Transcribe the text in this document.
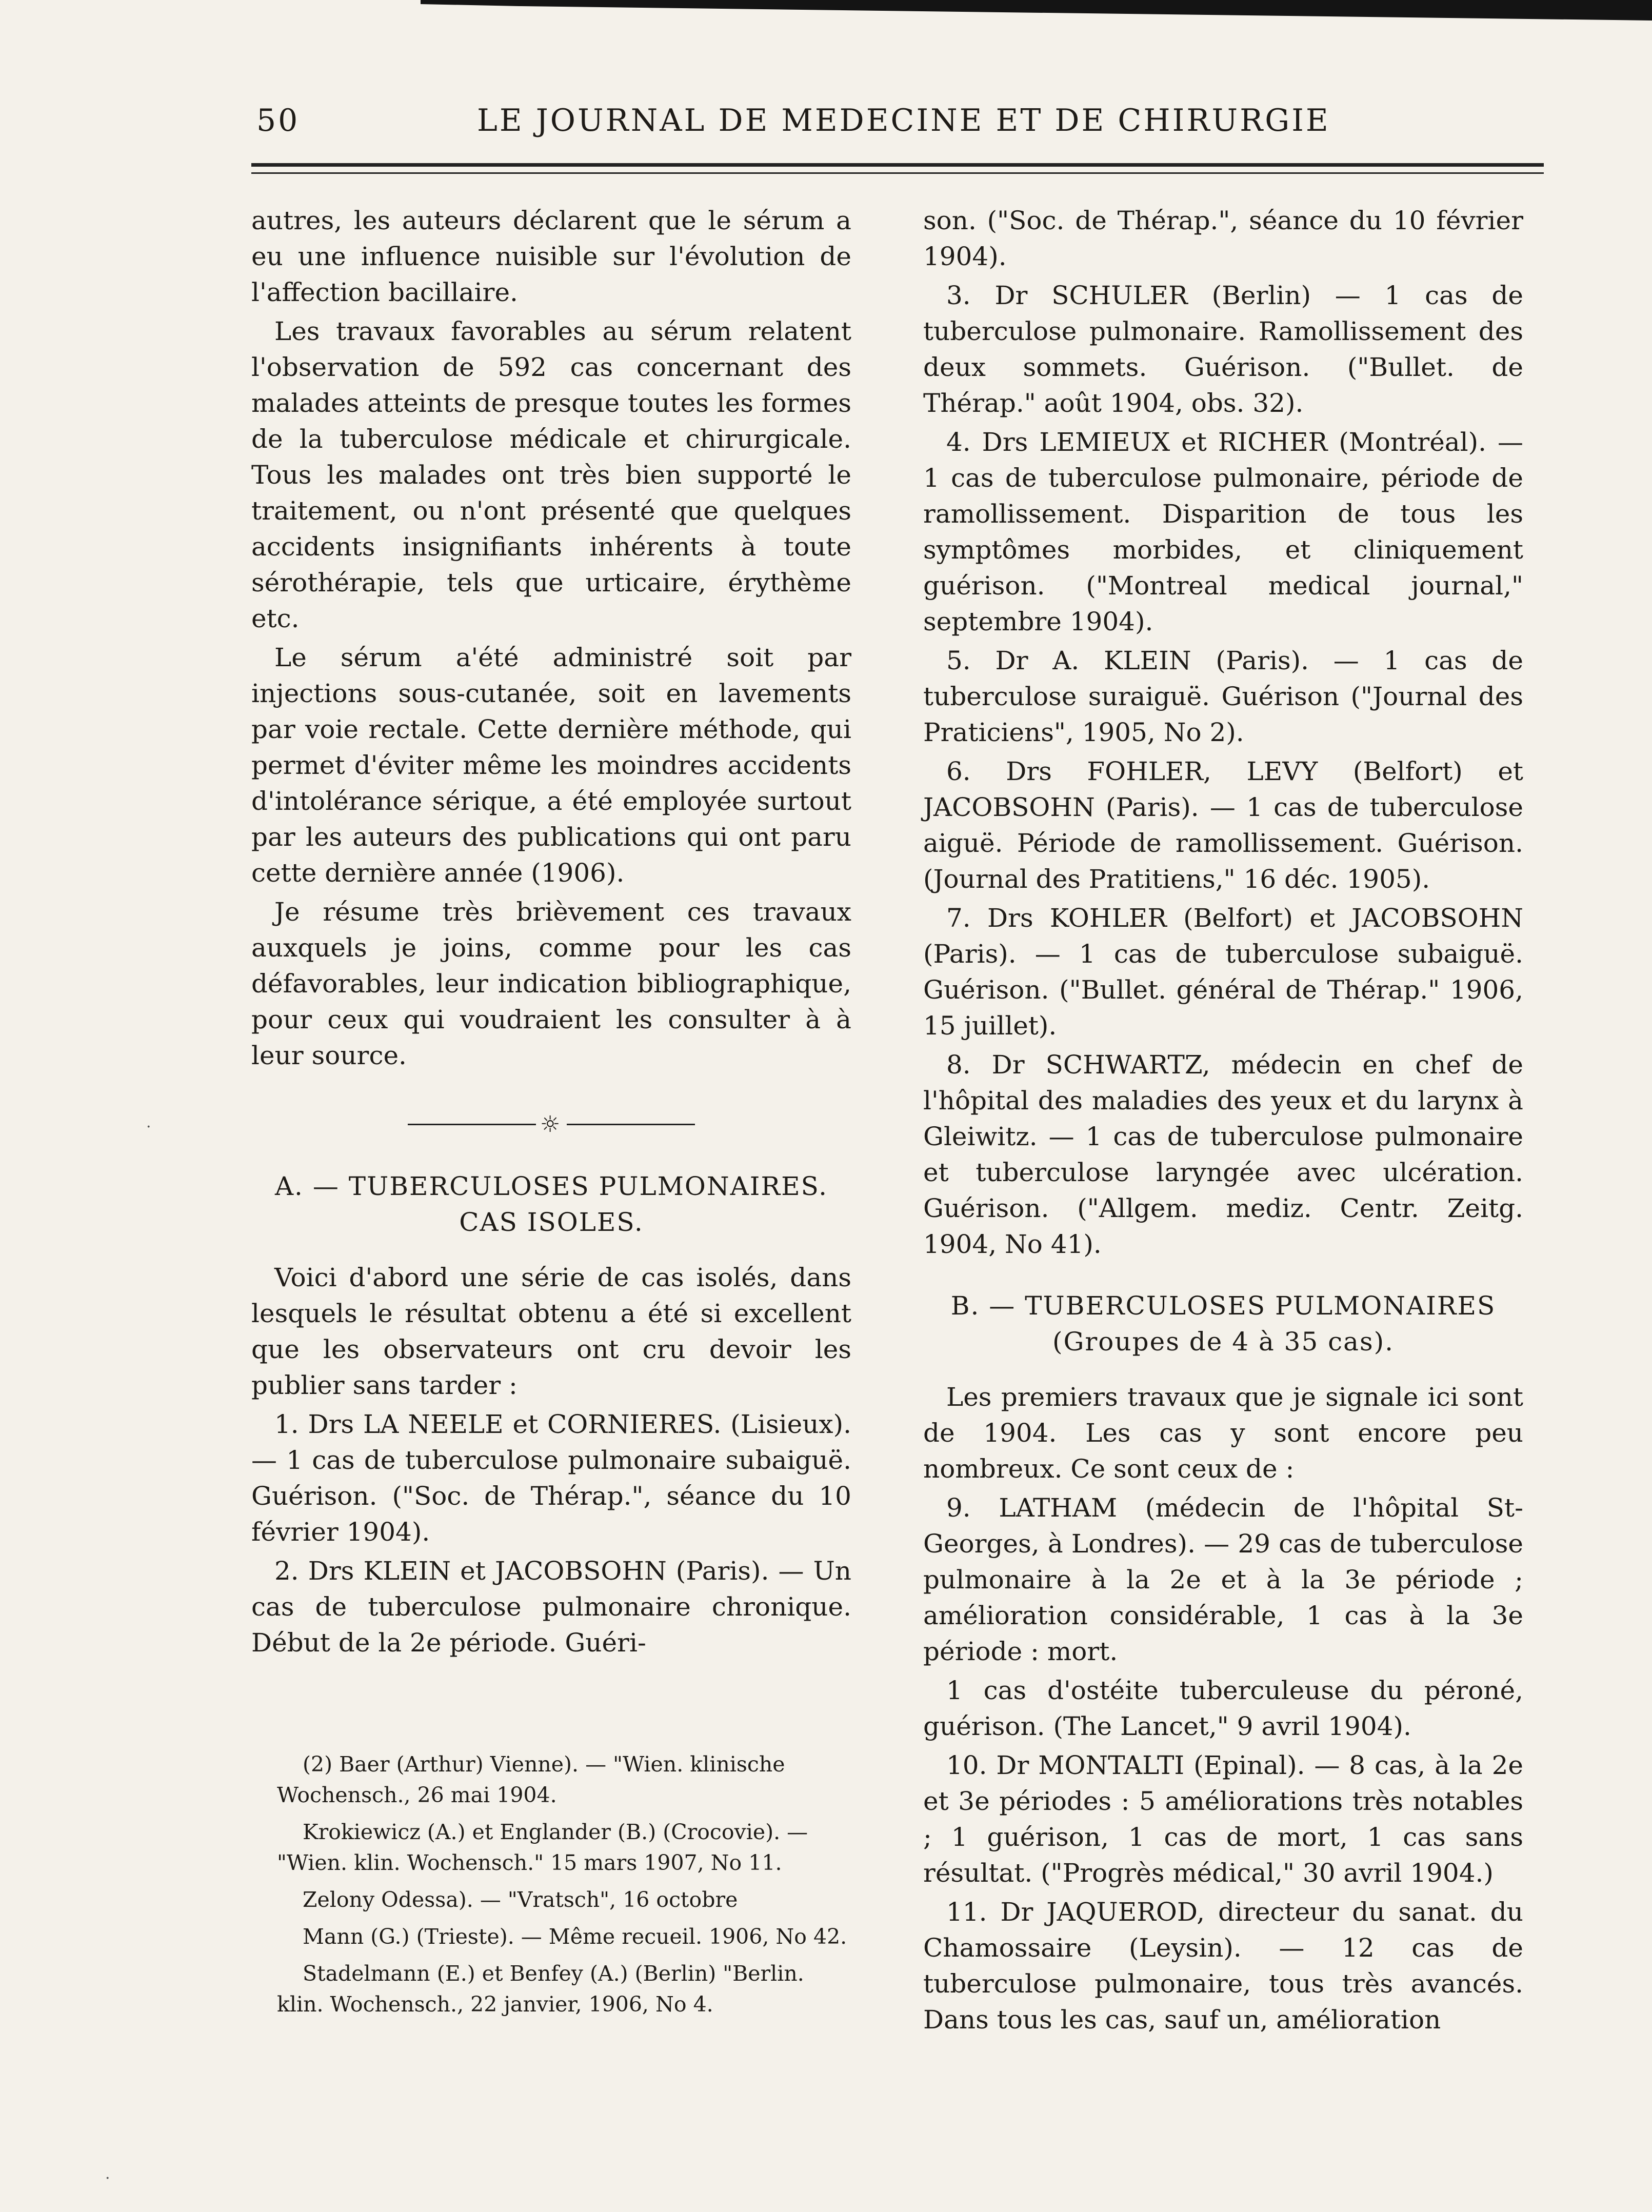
50	LE JOURNAL DE MEDECINE ET DE CHIRURGIE

autres, les auteurs déclarent que le sérum a eu une influence nuisible sur l'évolution de l'affection bacillaire.

Les travaux favorables au sérum relatent l'observation de 592 cas concernant des malades atteints de presque toutes les formes de la tuberculose médicale et chirurgicale. Tous les malades ont très bien supporté le traitement, ou n'ont présenté que quelques accidents insignifiants inhérents à toute sérothérapie, tels que urticaire, érythème etc.

Le sérum a'été administré soit par injections sous-cutanée, soit en lavements par voie rectale. Cette dernière méthode, qui permet d'éviter même les moindres accidents d'intolérance sérique, a été employée surtout par les auteurs des publications qui ont paru cette dernière année (1906).

Je résume très brièvement ces travaux auxquels je joins, comme pour les cas défavorables, leur indication bibliographique, pour ceux qui voudraient les consulter à à leur source.

☼
A. — TUBERCULOSES PULMONAIRES.
CAS ISOLES.

Voici d'abord une série de cas isolés, dans lesquels le résultat obtenu a été si excellent que les observateurs ont cru devoir les publier sans tarder :

1. Drs LA NEELE et CORNIERES. (Lisieux). — 1 cas de tuberculose pulmonaire subaiguë. Guérison. ("Soc. de Thérap.", séance du 10 février 1904).

2. Drs KLEIN et JACOBSOHN (Paris). — Un cas de tuberculose pulmonaire chronique. Début de la 2e période. Guéri-

son. ("Soc. de Thérap.", séance du 10 février 1904).

3. Dr SCHULER (Berlin) — 1 cas de tuberculose pulmonaire. Ramollissement des deux sommets. Guérison. ("Bullet. de Thérap." août 1904, obs. 32).

4. Drs LEMIEUX et RICHER (Montréal). — 1 cas de tuberculose pulmonaire, période de ramollissement. Disparition de tous les symptômes morbides, et cliniquement guérison. ("Montreal medical journal," septembre 1904).

5. Dr A. KLEIN (Paris). — 1 cas de tuberculose suraiguë. Guérison ("Journal des Praticiens", 1905, No 2).

6. Drs FOHLER, LEVY (Belfort) et JACOBSOHN (Paris). — 1 cas de tuberculose aiguë. Période de ramollissement. Guérison. (Journal des Pratitiens," 16 déc. 1905).

7. Drs KOHLER (Belfort) et JACOBSOHN (Paris). — 1 cas de tuberculose subaiguë. Guérison. ("Bullet. général de Thérap." 1906, 15 juillet).

8. Dr SCHWARTZ, médecin en chef de l'hôpital des maladies des yeux et du larynx à Gleiwitz. — 1 cas de tuberculose pulmonaire et tuberculose laryngée avec ulcération. Guérison. ("Allgem. mediz. Centr. Zeitg. 1904, No 41).

B. — TUBERCULOSES PULMONAIRES
(Groupes de 4 à 35 cas).

Les premiers travaux que je signale ici sont de 1904. Les cas y sont encore peu nombreux. Ce sont ceux de :

9. LATHAM (médecin de l'hôpital St-Georges, à Londres). — 29 cas de tuberculose pulmonaire à la 2e et à la 3e période ; amélioration considérable, 1 cas à la 3e période : mort.

1 cas d'ostéite tuberculeuse du péroné, guérison. (The Lancet," 9 avril 1904).

10. Dr MONTALTI (Epinal). — 8 cas, à la 2e et 3e périodes : 5 améliorations très notables ; 1 guérison, 1 cas de mort, 1 cas sans résultat. ("Progrès médical," 30 avril 1904.)

11. Dr JAQUEROD, directeur du sanat. du Chamossaire (Leysin). — 12 cas de tuberculose pulmonaire, tous très avancés. Dans tous les cas, sauf un, amélioration

(2) Baer (Arthur) Vienne). — "Wien. klinische Wochensch., 26 mai 1904.

Krokiewicz (A.) et Englander (B.) (Crocovie). — "Wien. klin. Wochensch." 15 mars 1907, No 11.

Zelony Odessa). — "Vratsch", 16 octobre

Mann (G.) (Trieste). — Même recueil. 1906, No 42.

Stadelmann (E.) et Benfey (A.) (Berlin) "Berlin. klin. Wochensch., 22 janvier, 1906, No 4.

·
·
